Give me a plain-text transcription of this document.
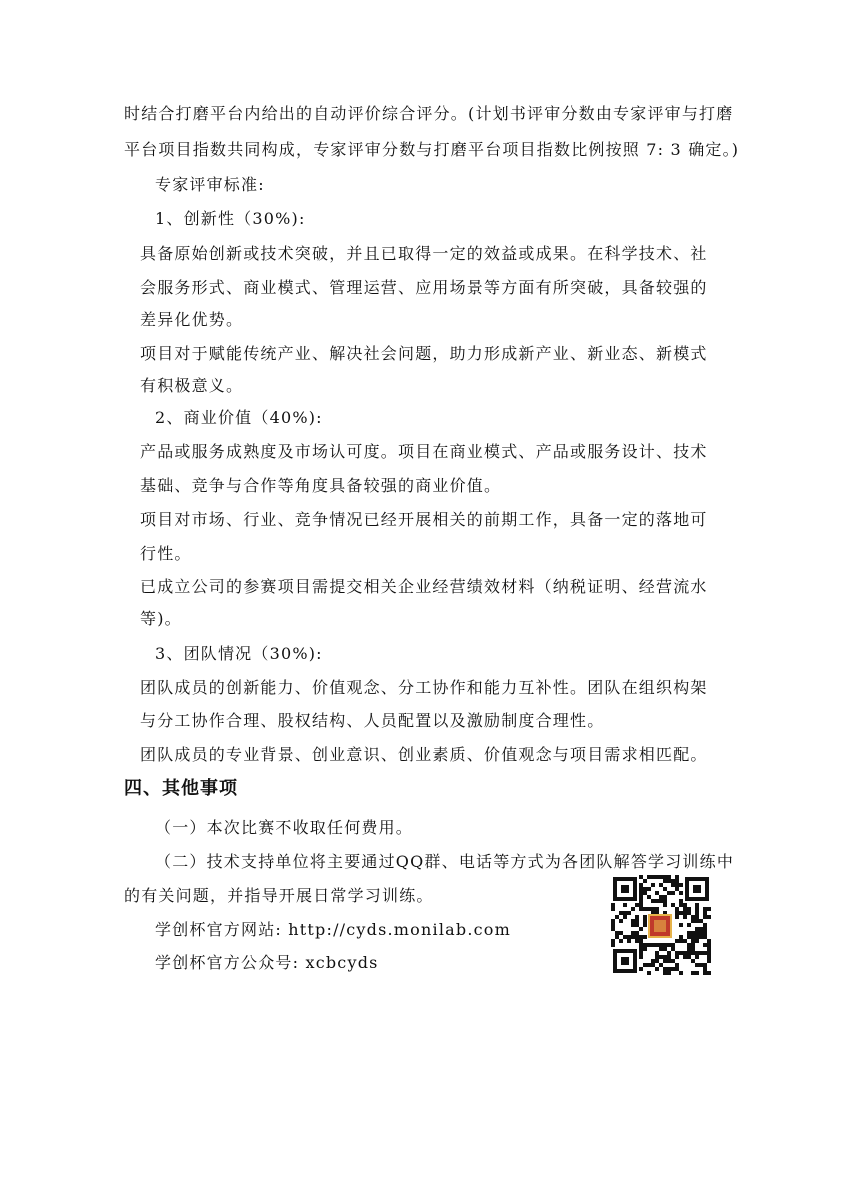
时结合打磨平台内给出的自动评价综合评分。(计划书评审分数由专家评审与打磨
平台项目指数共同构成，专家评审分数与打磨平台项目指数比例按照 7: 3 确定。)
专家评审标准:
1、创新性（30%):
具备原始创新或技术突破，并且已取得一定的效益或成果。在科学技术、社
会服务形式、商业模式、管理运营、应用场景等方面有所突破，具备较强的
差异化优势。
项目对于赋能传统产业、解决社会问题，助力形成新产业、新业态、新模式
有积极意义。
2、商业价值（40%):
产品或服务成熟度及市场认可度。项目在商业模式、产品或服务设计、技术
基础、竞争与合作等角度具备较强的商业价值。
项目对市场、行业、竞争情况已经开展相关的前期工作，具备一定的落地可
行性。
已成立公司的参赛项目需提交相关企业经营绩效材料（纳税证明、经营流水
等)。
3、团队情况（30%):
团队成员的创新能力、价值观念、分工协作和能力互补性。团队在组织构架
与分工协作合理、股权结构、人员配置以及激励制度合理性。
团队成员的专业背景、创业意识、创业素质、价值观念与项目需求相匹配。
四、其他事项
（一）本次比赛不收取任何费用。
（二）技术支持单位将主要通过QQ群、电话等方式为各团队解答学习训练中
的有关问题，并指导开展日常学习训练。
学创杯官方网站: http://cyds.monilab.com
学创杯官方公众号: xcbcyds
